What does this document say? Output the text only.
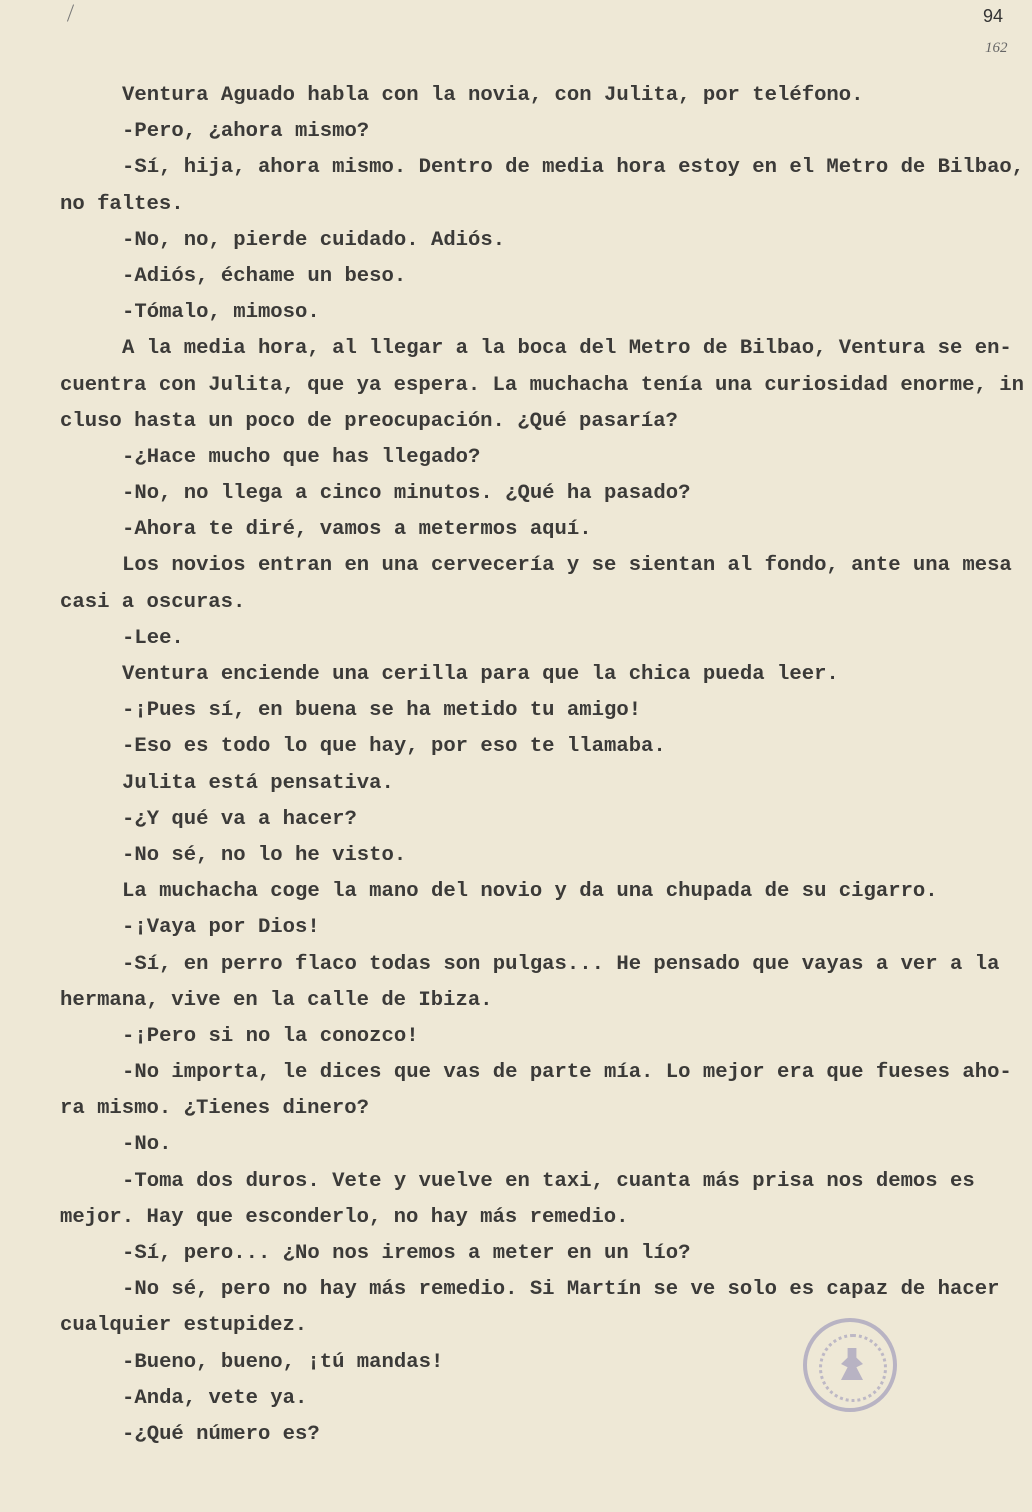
94
162
Ventura Aguado habla con la novia, con Julita, por teléfono.
-Pero, ¿ahora mismo?
-Sí, hija, ahora mismo. Dentro de media hora estoy en el Metro de Bilbao,
no faltes.
-No, no, pierde cuidado. Adiós.
-Adiós, échame un beso.
-Tómalo, mimoso.
A la media hora, al llegar a la boca del Metro de Bilbao, Ventura se en-
cuentra con Julita, que ya espera. La muchacha tenía una curiosidad enorme, in
cluso hasta un poco de preocupación. ¿Qué pasaría?
-¿Hace mucho que has llegado?
-No, no llega a cinco minutos. ¿Qué ha pasado?
-Ahora te diré, vamos a metermos aquí.
Los novios entran en una cervecería y se sientan al fondo, ante una mesa
casi a oscuras.
-Lee.
Ventura enciende una cerilla para que la chica pueda leer.
-¡Pues sí, en buena se ha metido tu amigo!
-Eso es todo lo que hay, por eso te llamaba.
Julita está pensativa.
-¿Y qué va a hacer?
-No sé, no lo he visto.
La muchacha coge la mano del novio y da una chupada de su cigarro.
-¡Vaya por Dios!
-Sí, en perro flaco todas son pulgas... He pensado que vayas a ver a la
hermana, vive en la calle de Ibiza.
-¡Pero si no la conozco!
-No importa, le dices que vas de parte mía. Lo mejor era que fueses aho-
ra mismo. ¿Tienes dinero?
-No.
-Toma dos duros. Vete y vuelve en taxi, cuanta más prisa nos demos es
mejor. Hay que esconderlo, no hay más remedio.
-Sí, pero... ¿No nos iremos a meter en un lío?
-No sé, pero no hay más remedio. Si Martín se ve solo es capaz de hacer
cualquier estupidez.
-Bueno, bueno, ¡tú mandas!
-Anda, vete ya.
-¿Qué número es?
